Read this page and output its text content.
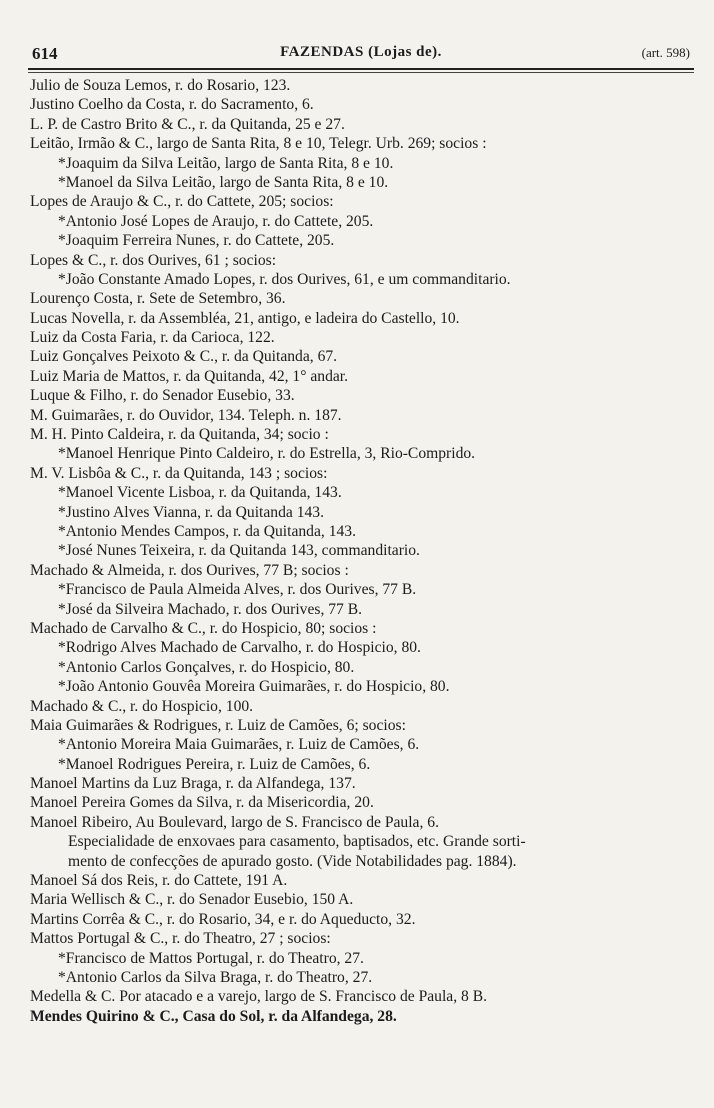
614	FAZENDAS (Lojas de).	(art. 598)
Julio de Souza Lemos, r. do Rosario, 123.
Justino Coelho da Costa, r. do Sacramento, 6.
L. P. de Castro Brito & C., r. da Quitanda, 25 e 27.
Leitão, Irmão & C., largo de Santa Rita, 8 e 10, Telegr. Urb. 269; socios :
*Joaquim da Silva Leitão, largo de Santa Rita, 8 e 10.
*Manoel da Silva Leitão, largo de Santa Rita, 8 e 10.
Lopes de Araujo & C., r. do Cattete, 205; socios:
*Antonio José Lopes de Araujo, r. do Cattete, 205.
*Joaquim Ferreira Nunes, r. do Cattete, 205.
Lopes & C., r. dos Ourives, 61 ; socios:
*João Constante Amado Lopes, r. dos Ourives, 61, e um commanditario.
Lourenço Costa, r. Sete de Setembro, 36.
Lucas Novella, r. da Assembléa, 21, antigo, e ladeira do Castello, 10.
Luiz da Costa Faria, r. da Carioca, 122.
Luiz Gonçalves Peixoto & C., r. da Quitanda, 67.
Luiz Maria de Mattos, r. da Quitanda, 42, 1° andar.
Luque & Filho, r. do Senador Eusebio, 33.
M. Guimarães, r. do Ouvidor, 134. Teleph. n. 187.
M. H. Pinto Caldeira, r. da Quitanda, 34; socio :
*Manoel Henrique Pinto Caldeiro, r. do Estrella, 3, Rio-Comprido.
M. V. Lisbôa & C., r. da Quitanda, 143 ; socios:
*Manoel Vicente Lisboa, r. da Quitanda, 143.
*Justino Alves Vianna, r. da Quitanda 143.
*Antonio Mendes Campos, r. da Quitanda, 143.
*José Nunes Teixeira, r. da Quitanda 143, commanditario.
Machado & Almeida, r. dos Ourives, 77 B; socios :
*Francisco de Paula Almeida Alves, r. dos Ourives, 77 B.
*José da Silveira Machado, r. dos Ourives, 77 B.
Machado de Carvalho & C., r. do Hospicio, 80; socios :
*Rodrigo Alves Machado de Carvalho, r. do Hospicio, 80.
*Antonio Carlos Gonçalves, r. do Hospicio, 80.
*João Antonio Gouvêa Moreira Guimarães, r. do Hospicio, 80.
Machado & C., r. do Hospicio, 100.
Maia Guimarães & Rodrigues, r. Luiz de Camões, 6; socios:
*Antonio Moreira Maia Guimarães, r. Luiz de Camões, 6.
*Manoel Rodrigues Pereira, r. Luiz de Camões, 6.
Manoel Martins da Luz Braga, r. da Alfandega, 137.
Manoel Pereira Gomes da Silva, r. da Misericordia, 20.
Manoel Ribeiro, Au Boulevard, largo de S. Francisco de Paula, 6.
Especialidade de enxovaes para casamento, baptisados, etc. Grande sorti-
mento de confecções de apurado gosto. (Vide Notabilidades pag. 1884).
Manoel Sá dos Reis, r. do Cattete, 191 A.
Maria Wellisch & C., r. do Senador Eusebio, 150 A.
Martins Corrêa & C., r. do Rosario, 34, e r. do Aqueducto, 32.
Mattos Portugal & C., r. do Theatro, 27 ; socios:
*Francisco de Mattos Portugal, r. do Theatro, 27.
*Antonio Carlos da Silva Braga, r. do Theatro, 27.
Medella & C. Por atacado e a varejo, largo de S. Francisco de Paula, 8 B.
Mendes Quirino & C., Casa do Sol, r. da Alfandega, 28.
